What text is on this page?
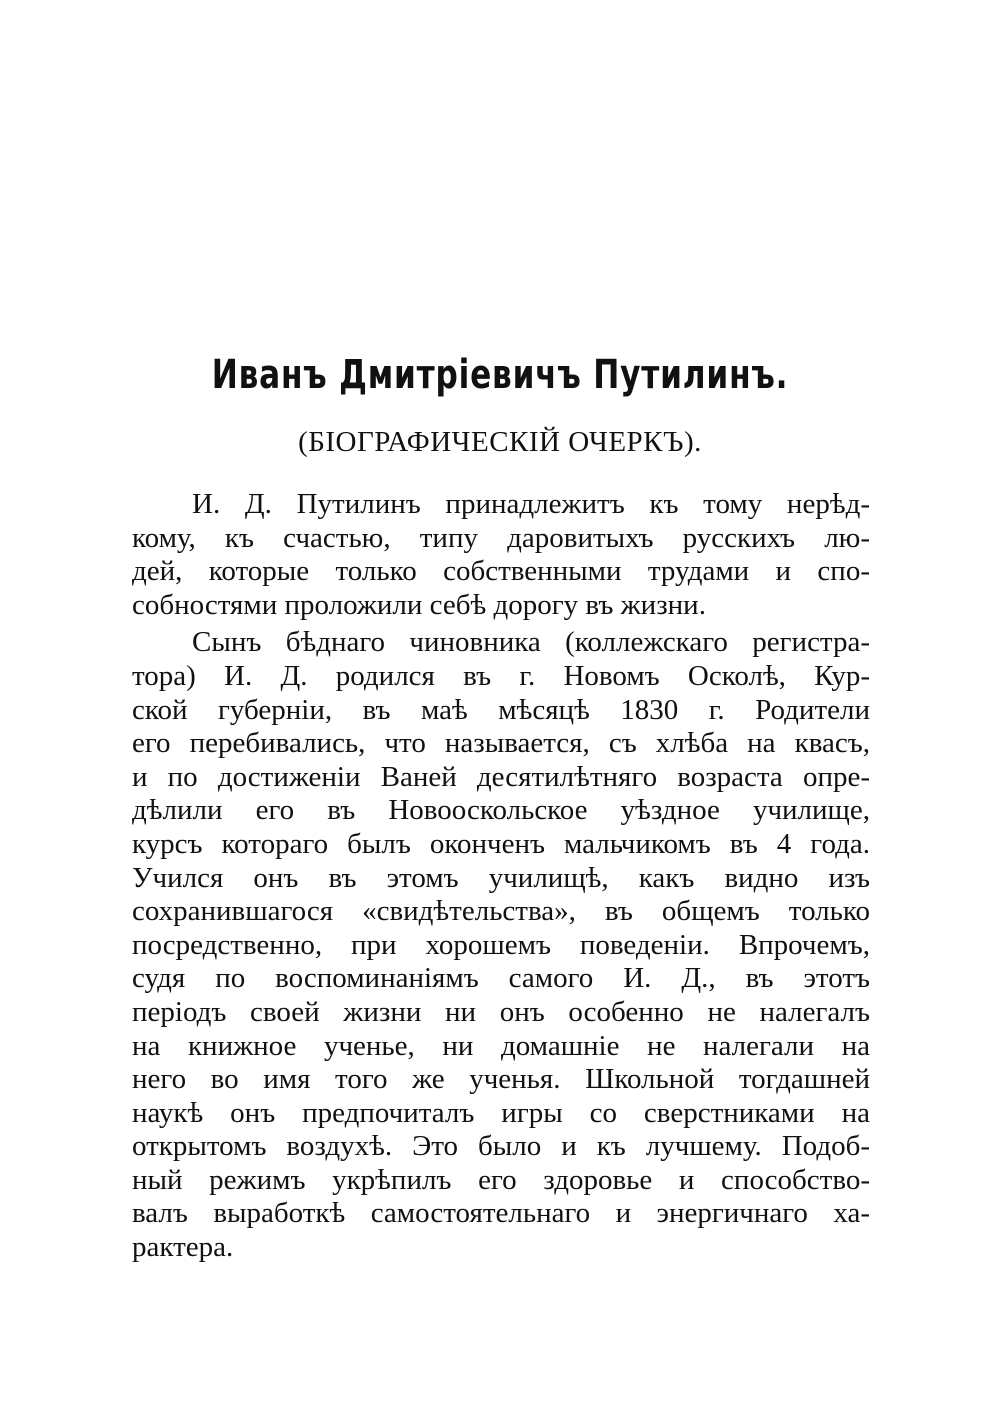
Иванъ Дмитріевичъ Путилинъ.
(БІОГРАФИЧЕСКІЙ ОЧЕРКЪ).
И. Д. Путилинъ принадлежитъ къ тому нерѣд-
кому, къ счастью, типу даровитыхъ русскихъ лю-
дей, которые только собственными трудами и спо-
собностями проложили себѣ дорогу въ жизни.
Сынъ бѣднаго чиновника (коллежскаго регистра-
тора) И. Д. родился въ г. Новомъ Осколѣ, Кур-
ской губерніи, въ маѣ мѣсяцѣ 1830 г. Родители
его перебивались, что называется, съ хлѣба на квасъ,
и по достиженіи Ваней десятилѣтняго возраста опре-
дѣлили его въ Новооскольское уѣздное училище,
курсъ котораго былъ оконченъ мальчикомъ въ 4 года.
Учился онъ въ этомъ училищѣ, какъ видно изъ
сохранившагося «свидѣтельства», въ общемъ только
посредственно, при хорошемъ поведеніи. Впрочемъ,
судя по воспоминаніямъ самого И. Д., въ этотъ
періодъ своей жизни ни онъ особенно не налегалъ
на книжное ученье, ни домашніе не налегали на
него во имя того же ученья. Школьной тогдашней
наукѣ онъ предпочиталъ игры со сверстниками на
открытомъ воздухѣ. Это было и къ лучшему. Подоб-
ный режимъ укрѣпилъ его здоровье и способство-
валъ выработкѣ самостоятельнаго и энергичнаго ха-
рактера.
